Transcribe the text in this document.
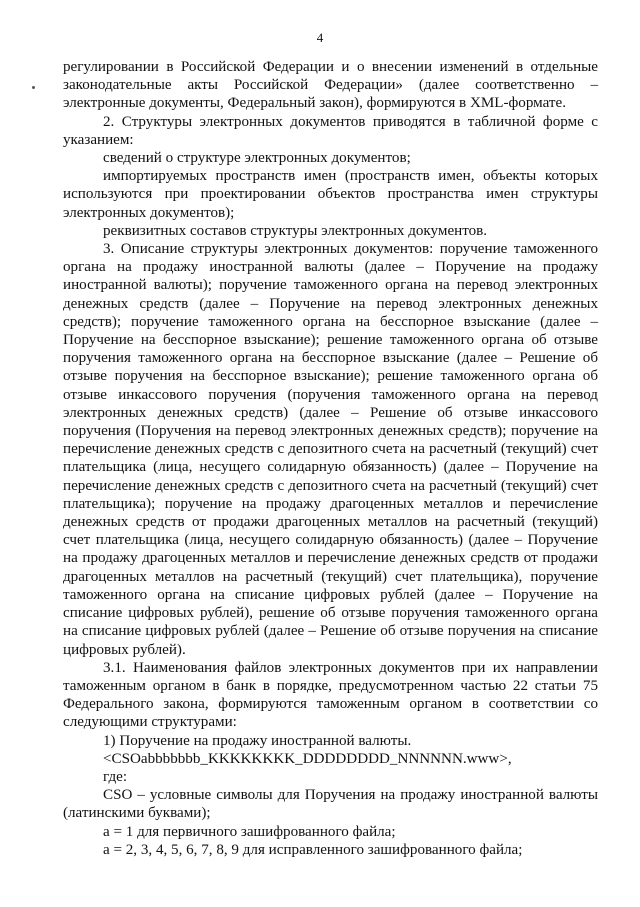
4

регулировании в Российской Федерации и о внесении изменений в отдельные законодательные акты Российской Федерации» (далее соответственно – электронные документы, Федеральный закон), формируются в XML-формате.

2. Структуры электронных документов приводятся в табличной форме с указанием:

сведений о структуре электронных документов;

импортируемых пространств имен (пространств имен, объекты которых используются при проектировании объектов пространства имен структуры электронных документов);

реквизитных составов структуры электронных документов.

3. Описание структуры электронных документов: поручение таможенного органа на продажу иностранной валюты (далее – Поручение на продажу иностранной валюты); поручение таможенного органа на перевод электронных денежных средств (далее – Поручение на перевод электронных денежных средств); поручение таможенного органа на бесспорное взыскание (далее – Поручение на бесспорное взыскание); решение таможенного органа об отзыве поручения таможенного органа на бесспорное взыскание (далее – Решение об отзыве поручения на бесспорное взыскание); решение таможенного органа об отзыве инкассового поручения (поручения таможенного органа на перевод электронных денежных средств) (далее – Решение об отзыве инкассового поручения (Поручения на перевод электронных денежных средств); поручение на перечисление денежных средств с депозитного счета на расчетный (текущий) счет плательщика (лица, несущего солидарную обязанность) (далее – Поручение на перечисление денежных средств с депозитного счета на расчетный (текущий) счет плательщика); поручение на продажу драгоценных металлов и перечисление денежных средств от продажи драгоценных металлов на расчетный (текущий) счет плательщика (лица, несущего солидарную обязанность) (далее – Поручение на продажу драгоценных металлов и перечисление денежных средств от продажи драгоценных металлов на расчетный (текущий) счет плательщика), поручение таможенного органа на списание цифровых рублей (далее – Поручение на списание цифровых рублей), решение об отзыве поручения таможенного органа на списание цифровых рублей (далее – Решение об отзыве поручения на списание цифровых рублей).

3.1. Наименования файлов электронных документов при их направлении таможенным органом в банк в порядке, предусмотренном частью 22 статьи 75 Федерального закона, формируются таможенным органом в соответствии со следующими структурами:

1) Поручение на продажу иностранной валюты.

<CSOabbbbbbb_KKKKKKKK_DDDDDDDD_NNNNNN.www>,

где:

CSO – условные символы для Поручения на продажу иностранной валюты (латинскими буквами);

а = 1 для первичного зашифрованного файла;

а = 2, 3, 4, 5, 6, 7, 8, 9 для исправленного зашифрованного файла;
